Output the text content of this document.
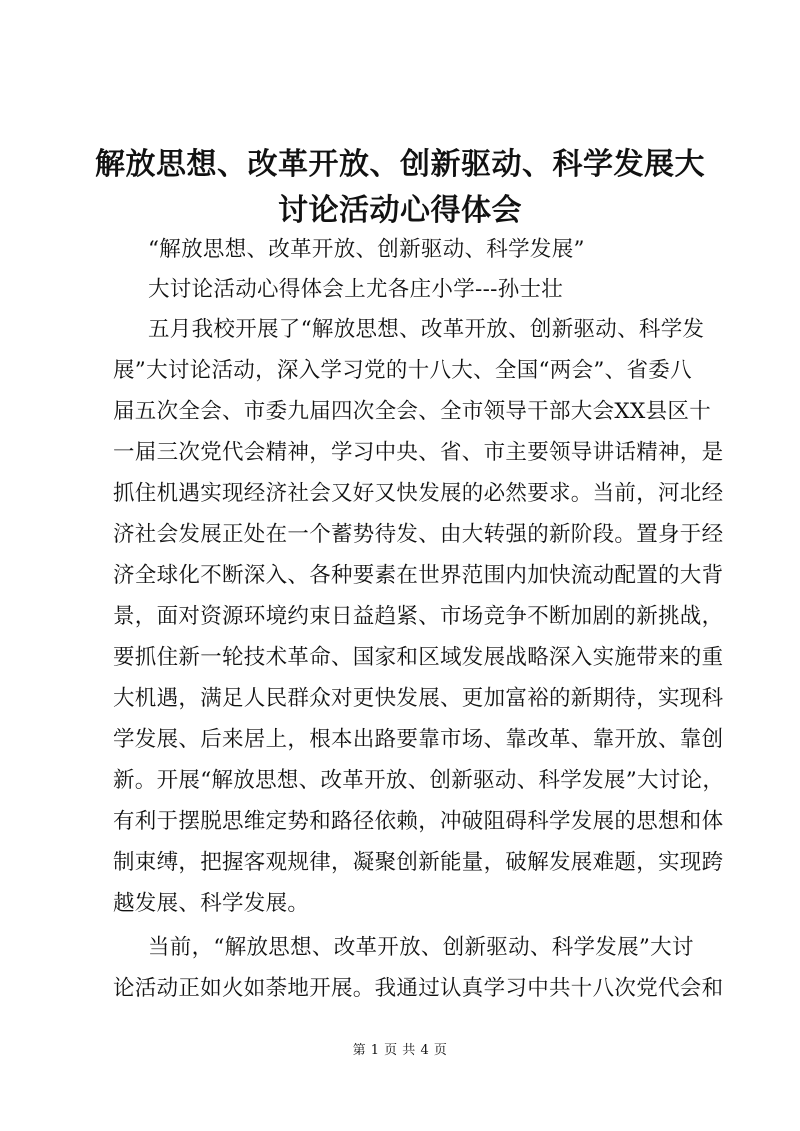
解放思想、改革开放、创新驱动、科学发展大
讨论活动心得体会
“解放思想、改革开放、创新驱动、科学发展”
大讨论活动心得体会上尤各庄小学---孙士壮
五月我校开展了“解放思想、改革开放、创新驱动、科学发
展”大讨论活动，深入学习党的十八大、全国“两会”、省委八
届五次全会、市委九届四次全会、全市领导干部大会XX县区十
一届三次党代会精神，学习中央、省、市主要领导讲话精神，是
抓住机遇实现经济社会又好又快发展的必然要求。当前，河北经
济社会发展正处在一个蓄势待发、由大转强的新阶段。置身于经
济全球化不断深入、各种要素在世界范围内加快流动配置的大背
景，面对资源环境约束日益趋紧、市场竞争不断加剧的新挑战，
要抓住新一轮技术革命、国家和区域发展战略深入实施带来的重
大机遇，满足人民群众对更快发展、更加富裕的新期待，实现科
学发展、后来居上，根本出路要靠市场、靠改革、靠开放、靠创
新。开展“解放思想、改革开放、创新驱动、科学发展”大讨论，
有利于摆脱思维定势和路径依赖，冲破阻碍科学发展的思想和体
制束缚，把握客观规律，凝聚创新能量，破解发展难题，实现跨
越发展、科学发展。
当前，“解放思想、改革开放、创新驱动、科学发展”大讨
论活动正如火如荼地开展。我通过认真学习中共十八次党代会和
第 1 页 共 4 页
